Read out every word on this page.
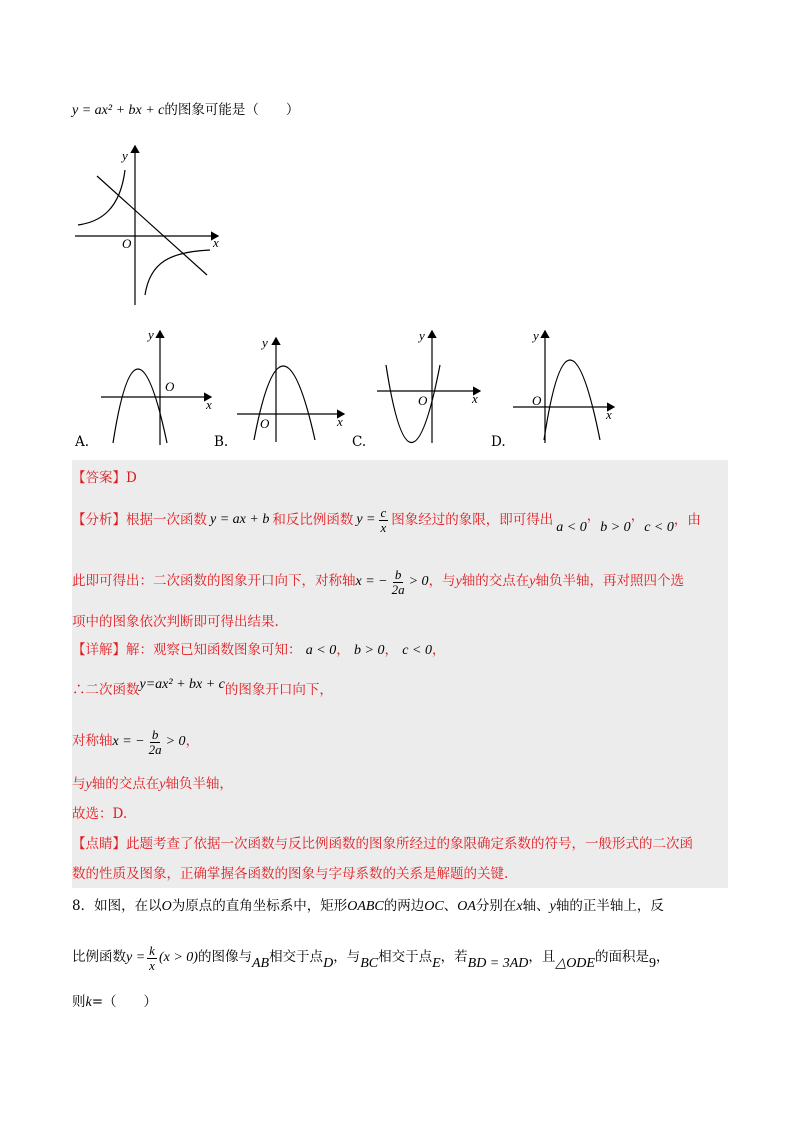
y = ax² + bx + c的图象可能是（　　）
y
x
O
y
x
O
A.
y
x
O
B.
y
x
O
C.
y
x
O
D.
【答案】D
【分析】 根据一次函数 y = ax + b 和反比例函数 $y = \frac{c}{x}$ 图象经过的象限，即可得出 a < 0
，
b > 0
，
c < 0 ，由
此即可得出：二次函数的图象开口向下，对称轴 x = − $\frac{b}{2a} > 0$ ，与 y 轴的交点在 y 轴负半轴，再对照四个选
项中的图象依次判断即可得出结果.
【详解】解：观察已知函数图象可知： a < 0， b > 0， c < 0，
∴二次函数 y=ax² + bx + c 的图象开口向下，
对称轴 x = − $\frac{b}{2a} > 0$ ，
与y轴的交点在y轴负半轴，
故选：D.
【点睛】此题考查了依据一次函数与反比例函数的图象所经过的象限确定系数的符号，一般形式的二次函
数的性质及图象，正确掌握各函数的图象与字母系数的关系是解题的关键.
8．如图，在以O为原点的直角坐标系中，矩形OABC的两边OC、OA分别在x轴、y轴的正半轴上，反
比例函数 $y = \frac{k}{x} (x > 0)$ 的图像与 AB 相交于点 D ，与 BC 相交于点 E ，若 BD = 3AD ，且 △ODE 的面积是 9 ，
则k=（　　）
